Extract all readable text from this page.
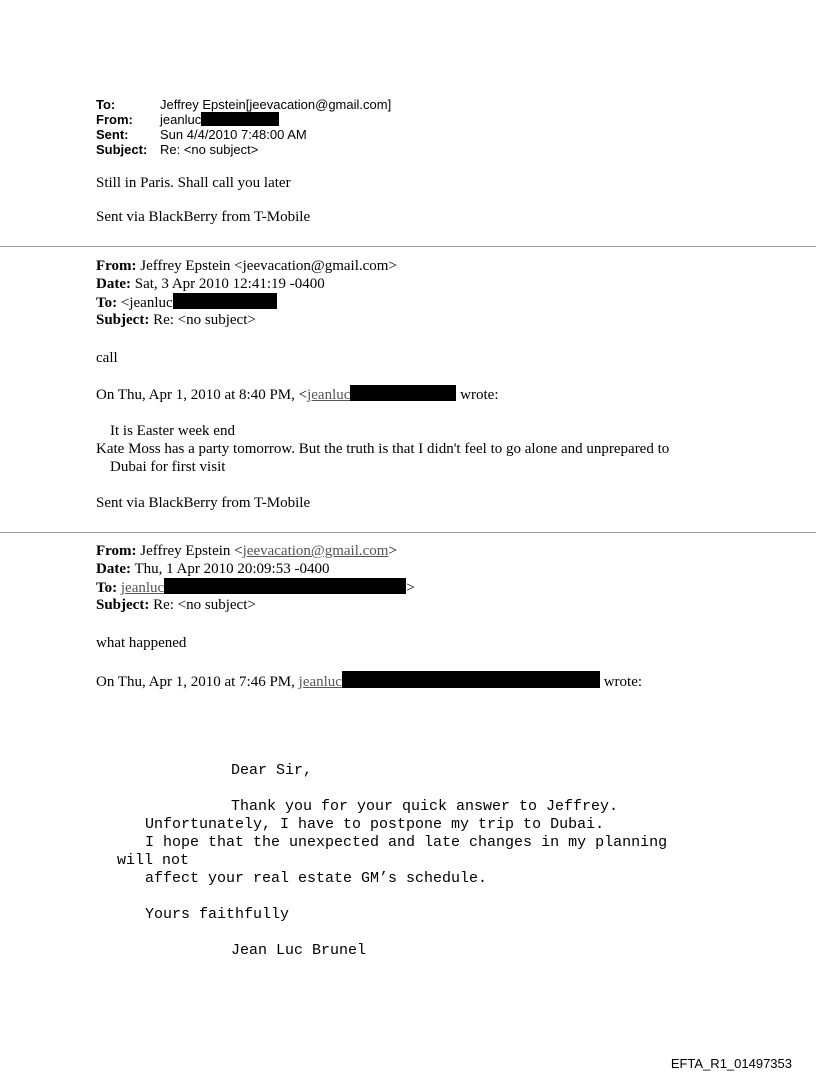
To:	Jeffrey Epstein[jeevacation@gmail.com]
From:	jeanluc
Sent:	Sun 4/4/2010 7:48:00 AM
Subject: Re: <no subject>
Still in Paris. Shall call you later
Sent via BlackBerry from T-Mobile
From: Jeffrey Epstein <jeevacation@gmail.com>
Date: Sat, 3 Apr 2010 12:41:19 -0400
To: <jeanluc
Subject: Re: <no subject>
call
On Thu, Apr 1, 2010 at 8:40 PM, <jeanluc	wrote:
It is Easter week end
Kate Moss has a party tomorrow. But the truth is that I didn't feel to go alone and unprepared to
Dubai for first visit
Sent via BlackBerry from T-Mobile
From: Jeffrey Epstein <jeevacation@gmail.com>
Date: Thu, 1 Apr 2010 20:09:53 -0400
To: jeanluc	>
Subject: Re: <no subject>
what happened
On Thu, Apr 1, 2010 at 7:46 PM, jeanluc	wrote:
Dear Sir,
Thank you for your quick answer to Jeffrey.
Unfortunately, I have to postpone my trip to Dubai.
I hope that the unexpected and late changes in my planning
will not
affect your real estate GM’s schedule.
Yours faithfully
Jean Luc Brunel
EFTA_R1_01497353
